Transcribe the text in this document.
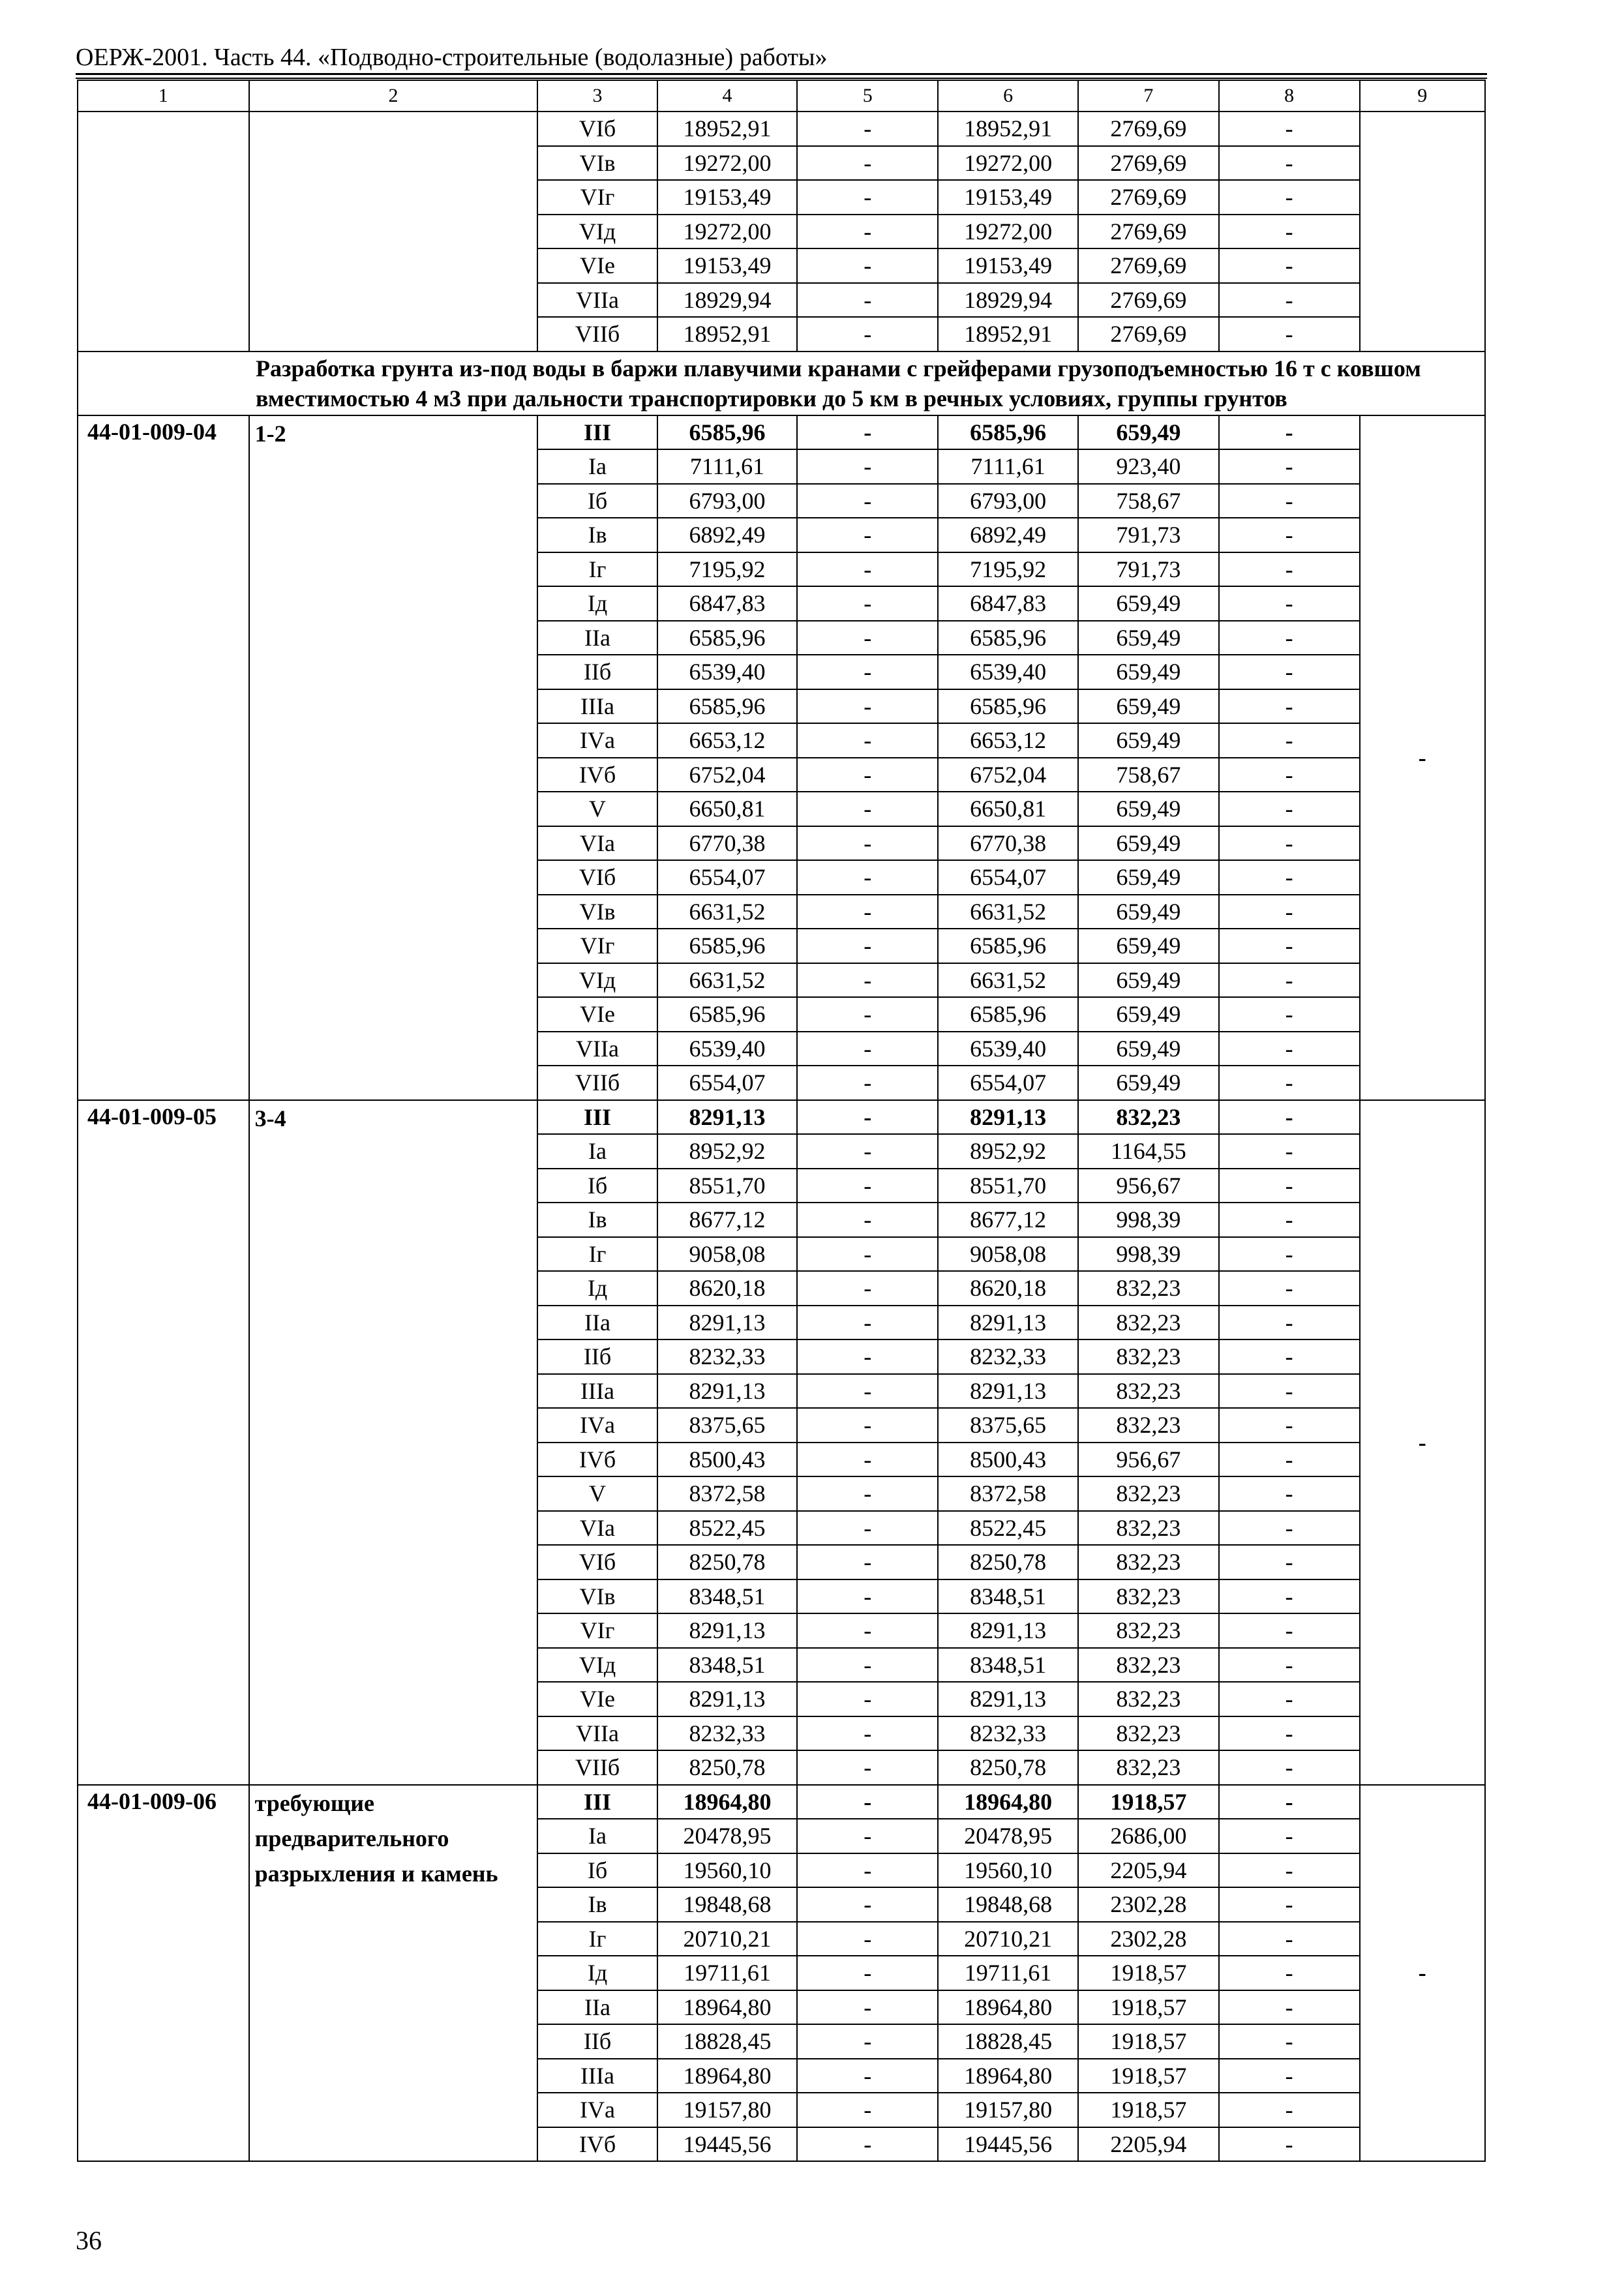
ОЕРЖ-2001. Часть 44. «Подводно-строительные (водолазные) работы»
1	2	3	4	5	6	7	8	9
		VIб	18952,91	-	18952,91	2769,69	-	
		VIв	19272,00	-	19272,00	2769,69	-	
		VIг	19153,49	-	19153,49	2769,69	-	
		VIд	19272,00	-	19272,00	2769,69	-	
		VIе	19153,49	-	19153,49	2769,69	-	
		VIIа	18929,94	-	18929,94	2769,69	-	
		VIIб	18952,91	-	18952,91	2769,69	-	
Разработка грунта из-под воды в баржи плавучими кранами с грейферами грузоподъемностью 16 т с ковшом вместимостью 4 м3 при дальности транспортировки до 5 км в речных условиях, группы грунтов								
44-01-009-04	1-2	III	6585,96	-	6585,96	659,49	-	-
		Iа	7111,61	-	7111,61	923,40	-	
		Iб	6793,00	-	6793,00	758,67	-	
		Iв	6892,49	-	6892,49	791,73	-	
		Iг	7195,92	-	7195,92	791,73	-	
		Iд	6847,83	-	6847,83	659,49	-	
		IIа	6585,96	-	6585,96	659,49	-	
		IIб	6539,40	-	6539,40	659,49	-	
		IIIа	6585,96	-	6585,96	659,49	-	
		IVа	6653,12	-	6653,12	659,49	-	
		IVб	6752,04	-	6752,04	758,67	-	
		V	6650,81	-	6650,81	659,49	-	
		VIа	6770,38	-	6770,38	659,49	-	
		VIб	6554,07	-	6554,07	659,49	-	
		VIв	6631,52	-	6631,52	659,49	-	
		VIг	6585,96	-	6585,96	659,49	-	
		VIд	6631,52	-	6631,52	659,49	-	
		VIе	6585,96	-	6585,96	659,49	-	
		VIIа	6539,40	-	6539,40	659,49	-	
		VIIб	6554,07	-	6554,07	659,49	-	
44-01-009-05	3-4	III	8291,13	-	8291,13	832,23	-	-
		Iа	8952,92	-	8952,92	1164,55	-	
		Iб	8551,70	-	8551,70	956,67	-	
		Iв	8677,12	-	8677,12	998,39	-	
		Iг	9058,08	-	9058,08	998,39	-	
		Iд	8620,18	-	8620,18	832,23	-	
		IIа	8291,13	-	8291,13	832,23	-	
		IIб	8232,33	-	8232,33	832,23	-	
		IIIа	8291,13	-	8291,13	832,23	-	
		IVа	8375,65	-	8375,65	832,23	-	
		IVб	8500,43	-	8500,43	956,67	-	
		V	8372,58	-	8372,58	832,23	-	
		VIа	8522,45	-	8522,45	832,23	-	
		VIб	8250,78	-	8250,78	832,23	-	
		VIв	8348,51	-	8348,51	832,23	-	
		VIг	8291,13	-	8291,13	832,23	-	
		VIд	8348,51	-	8348,51	832,23	-	
		VIе	8291,13	-	8291,13	832,23	-	
		VIIа	8232,33	-	8232,33	832,23	-	
		VIIб	8250,78	-	8250,78	832,23	-	
44-01-009-06	требующие предварительного разрыхления и камень	III	18964,80	-	18964,80	1918,57	-	-
		Iа	20478,95	-	20478,95	2686,00	-	
		Iб	19560,10	-	19560,10	2205,94	-	
		Iв	19848,68	-	19848,68	2302,28	-	
		Iг	20710,21	-	20710,21	2302,28	-	
		Iд	19711,61	-	19711,61	1918,57	-	
		IIа	18964,80	-	18964,80	1918,57	-	
		IIб	18828,45	-	18828,45	1918,57	-	
		IIIа	18964,80	-	18964,80	1918,57	-	
		IVа	19157,80	-	19157,80	1918,57	-	
		IVб	19445,56	-	19445,56	2205,94	-	
36
